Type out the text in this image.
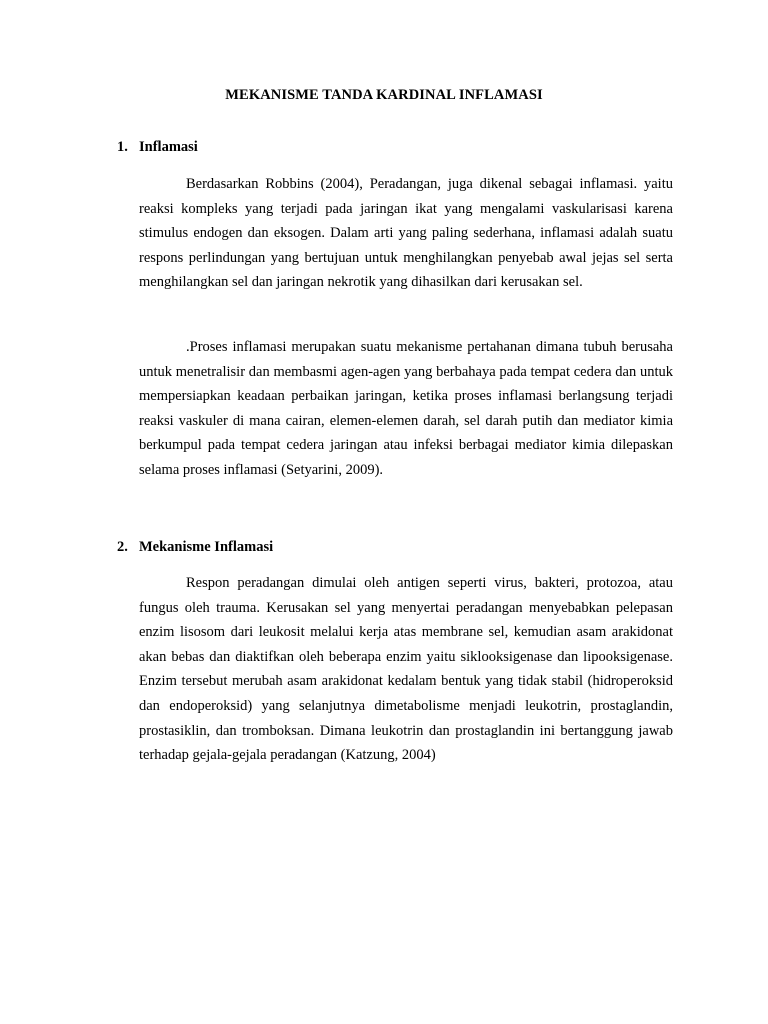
MEKANISME TANDA KARDINAL INFLAMASI
1. Inflamasi

Berdasarkan Robbins (2004), Peradangan, juga dikenal sebagai inflamasi. yaitu reaksi kompleks yang terjadi pada jaringan ikat yang mengalami vaskularisasi karena stimulus endogen dan eksogen. Dalam arti yang paling sederhana, inflamasi adalah suatu respons perlindungan yang bertujuan untuk menghilangkan penyebab awal jejas sel serta menghilangkan sel dan jaringan nekrotik yang dihasilkan dari kerusakan sel.

.Proses inflamasi merupakan suatu mekanisme pertahanan dimana tubuh berusaha untuk menetralisir dan membasmi agen-agen yang berbahaya pada tempat cedera dan untuk mempersiapkan keadaan perbaikan jaringan, ketika proses inflamasi berlangsung terjadi reaksi vaskuler di mana cairan, elemen-elemen darah, sel darah putih dan mediator kimia berkumpul pada tempat cedera jaringan atau infeksi berbagai mediator kimia dilepaskan selama proses inflamasi (Setyarini, 2009).

2. Mekanisme Inflamasi

Respon peradangan dimulai oleh antigen seperti virus, bakteri, protozoa, atau fungus oleh trauma. Kerusakan sel yang menyertai peradangan menyebabkan pelepasan enzim lisosom dari leukosit melalui kerja atas membrane sel, kemudian asam arakidonat akan bebas dan diaktifkan oleh beberapa enzim yaitu siklooksigenase dan lipooksigenase. Enzim tersebut merubah asam arakidonat kedalam bentuk yang tidak stabil (hidroperoksid dan endoperoksid) yang selanjutnya dimetabolisme menjadi leukotrin, prostaglandin, prostasiklin, dan tromboksan. Dimana leukotrin dan prostaglandin ini bertanggung jawab terhadap gejala-gejala peradangan (Katzung, 2004)
